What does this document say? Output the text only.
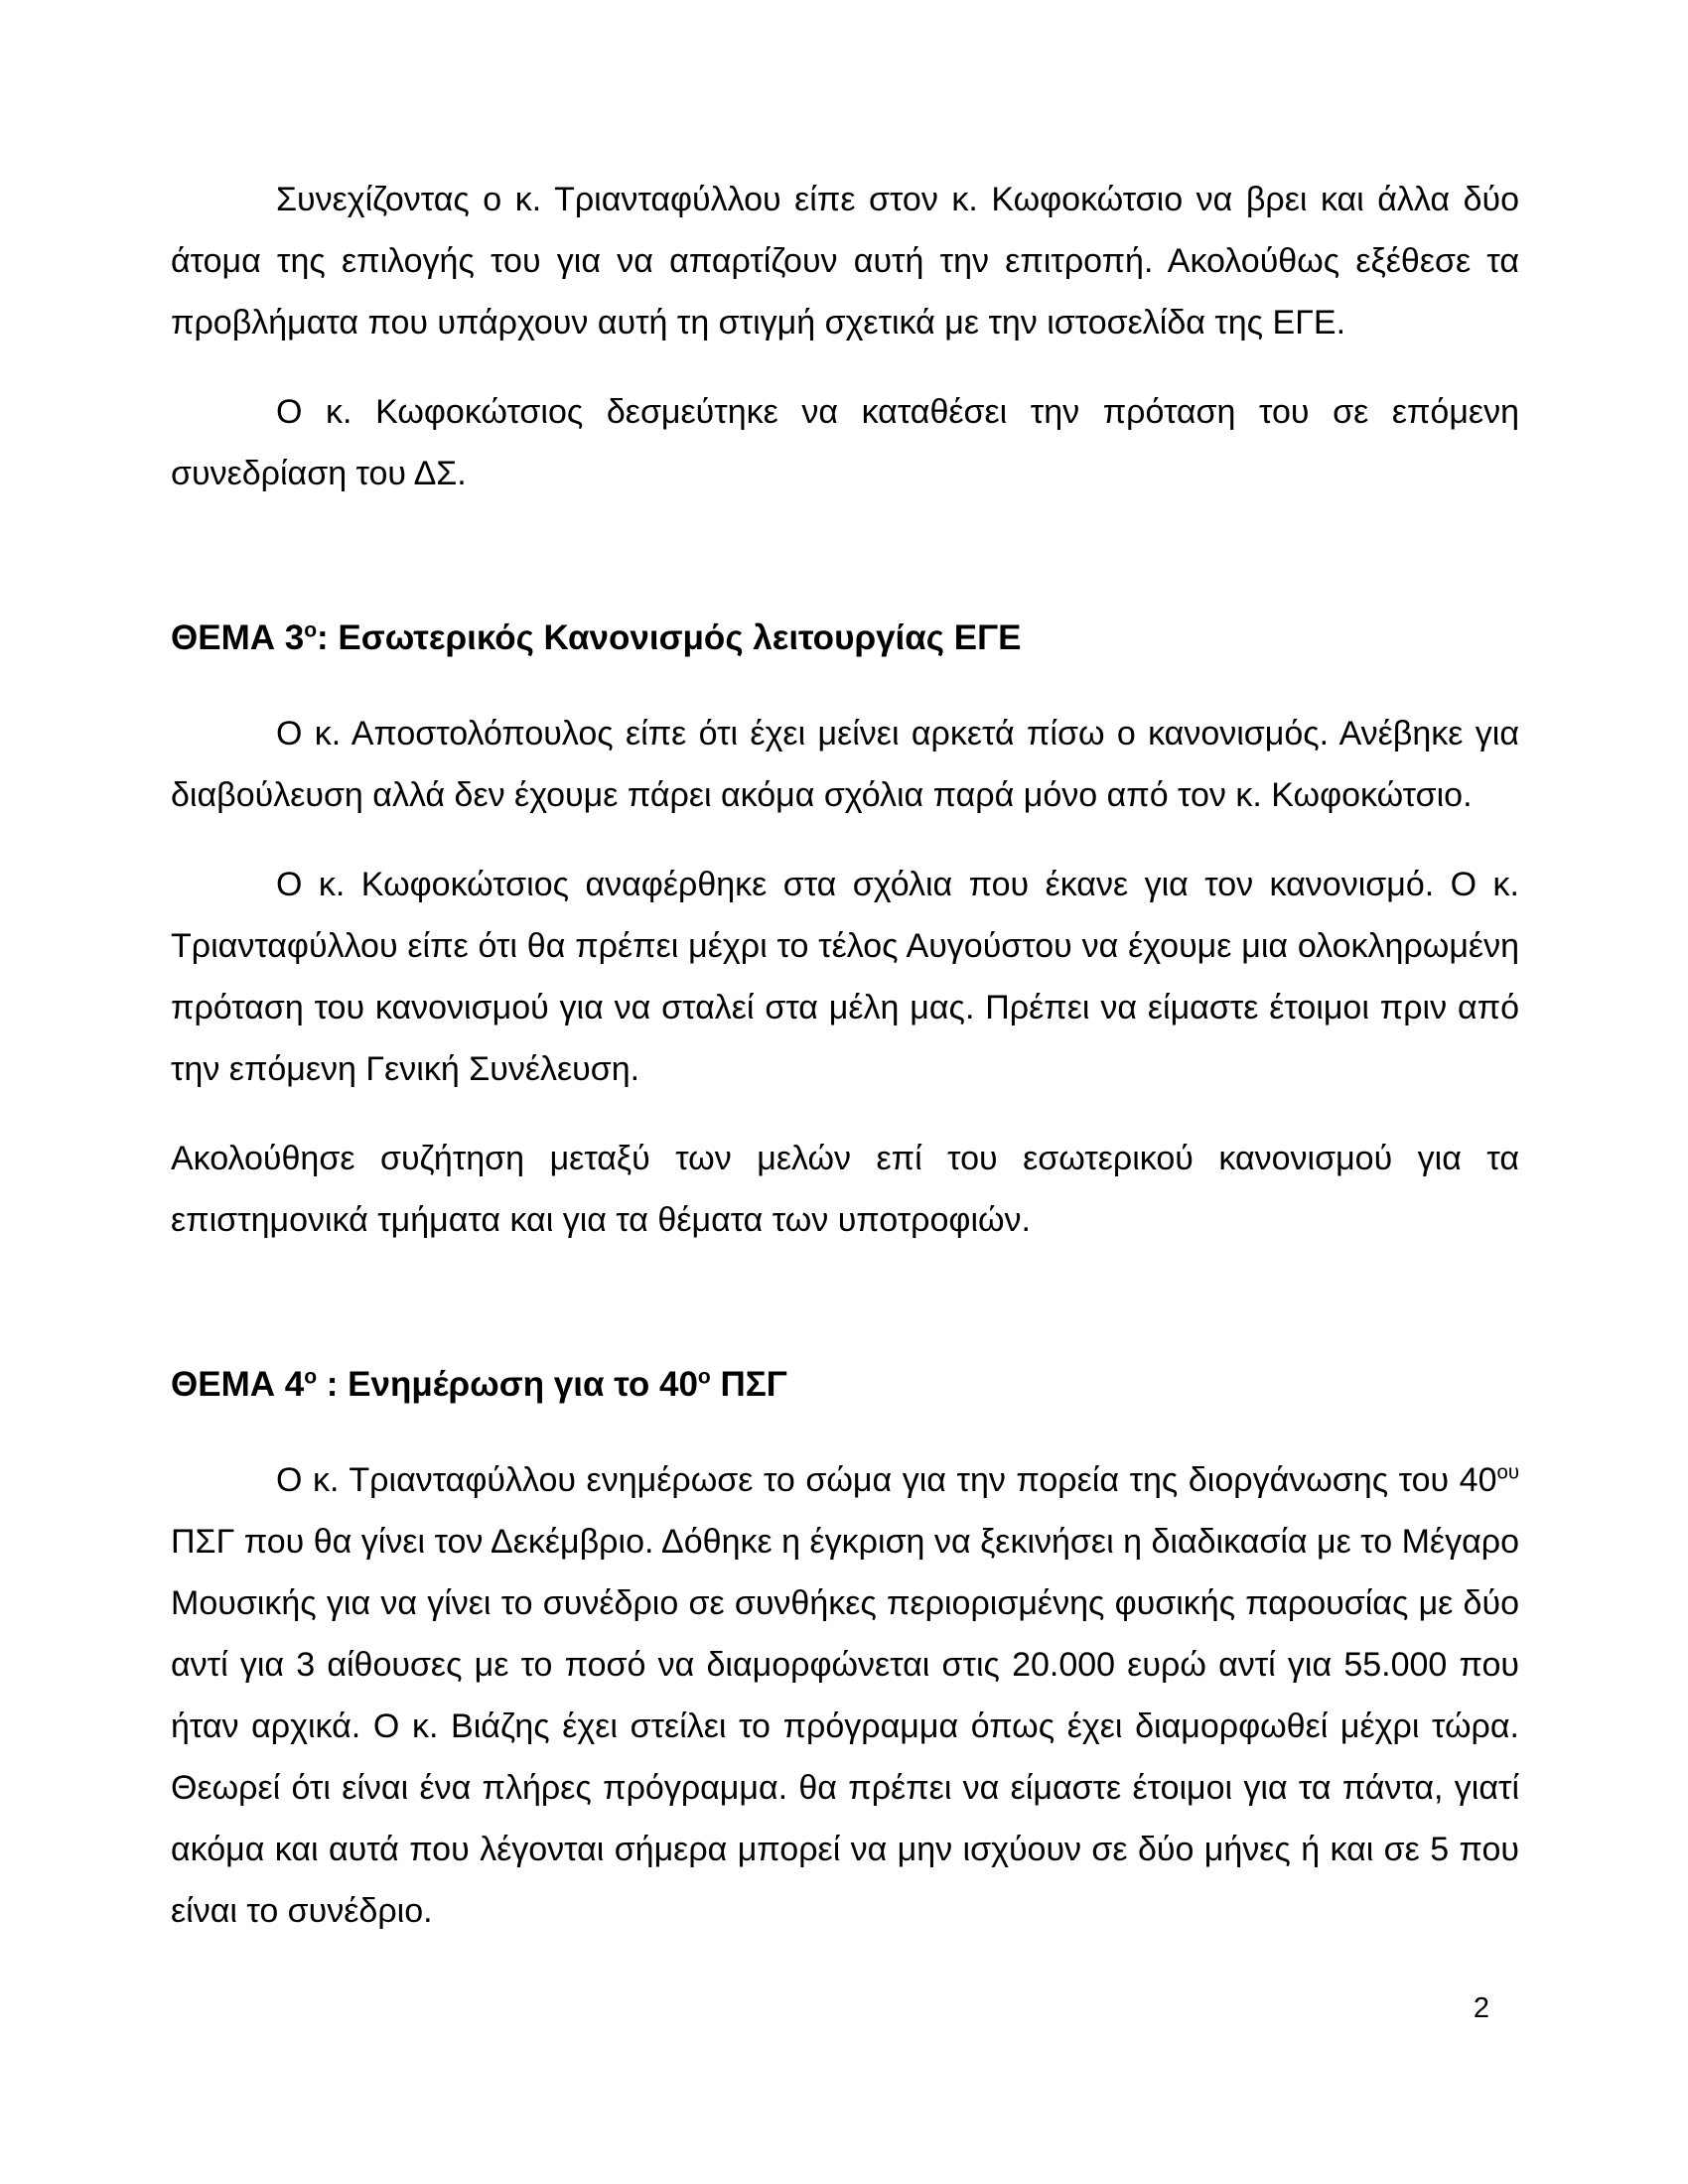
Συνεχίζοντας ο κ. Τριανταφύλλου είπε στον κ. Κωφοκώτσιο να βρει και άλλα δύο άτομα της επιλογής του για να απαρτίζουν αυτή την επιτροπή. Ακολούθως εξέθεσε τα προβλήματα που υπάρχουν αυτή τη στιγμή σχετικά με την ιστοσελίδα της ΕΓΕ.

Ο κ. Κωφοκώτσιος δεσμεύτηκε να καταθέσει την πρόταση του σε επόμενη συνεδρίαση του ΔΣ.

ΘΕΜΑ $3^o$: Εσωτερικός Κανονισμός λειτουργίας ΕΓΕ

Ο κ. Αποστολόπουλος είπε ότι έχει μείνει αρκετά πίσω ο κανονισμός. Ανέβηκε για διαβούλευση αλλά δεν έχουμε πάρει ακόμα σχόλια παρά μόνο από τον κ. Κωφοκώτσιο.

Ο κ. Κωφοκώτσιος αναφέρθηκε στα σχόλια που έκανε για τον κανονισμό. Ο κ. Τριανταφύλλου είπε ότι θα πρέπει μέχρι το τέλος Αυγούστου να έχουμε μια ολοκληρωμένη πρόταση του κανονισμού για να σταλεί στα μέλη μας. Πρέπει να είμαστε έτοιμοι πριν από την επόμενη Γενική Συνέλευση.

Ακολούθησε συζήτηση μεταξύ των μελών επί του εσωτερικού κανονισμού για τα επιστημονικά τμήματα και για τα θέματα των υποτροφιών.

ΘΕΜΑ $4^o$ : Ενημέρωση για το $40^o$ ΠΣΓ

Ο κ. Τριανταφύλλου ενημέρωσε το σώμα για την πορεία της διοργάνωσης του $40^{o\upsilon}$ ΠΣΓ που θα γίνει τον Δεκέμβριο. Δόθηκε η έγκριση να ξεκινήσει η διαδικασία με το Μέγαρο Μουσικής για να γίνει το συνέδριο σε συνθήκες περιορισμένης φυσικής παρουσίας με δύο αντί για 3 αίθουσες με το ποσό να διαμορφώνεται στις 20.000 ευρώ αντί για 55.000 που ήταν αρχικά. Ο κ. Βιάζης έχει στείλει το πρόγραμμα όπως έχει διαμορφωθεί μέχρι τώρα. Θεωρεί ότι είναι ένα πλήρες πρόγραμμα. θα πρέπει να είμαστε έτοιμοι για τα πάντα, γιατί ακόμα και αυτά που λέγονται σήμερα μπορεί να μην ισχύουν σε δύο μήνες ή και σε 5 που είναι το συνέδριο.

2
